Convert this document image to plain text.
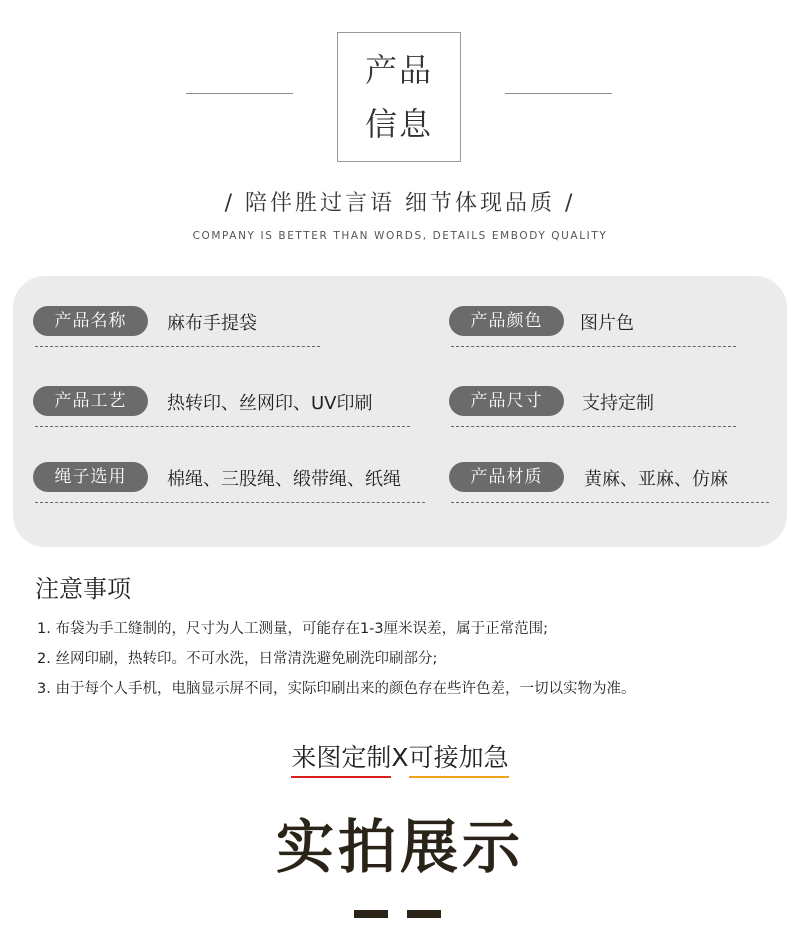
产品
信息
/ 陪伴胜过言语 细节体现品质 /
COMPANY IS BETTER THAN WORDS, DETAILS EMBODY QUALITY
产品名称	麻布手提袋	产品颜色	图片色
产品工艺	热转印、丝网印、UV印刷	产品尺寸	支持定制
绳子选用	棉绳、三股绳、缎带绳、纸绳	产品材质	黄麻、亚麻、仿麻
注意事项
1. 布袋为手工缝制的，尺寸为人工测量，可能存在1-3厘米误差，属于正常范围;
2. 丝网印刷，热转印。不可水洗，日常清洗避免刷洗印刷部分;
3. 由于每个人手机，电脑显示屏不同，实际印刷出来的颜色存在些许色差，一切以实物为准。
来图定制X可接加急
实拍展示
